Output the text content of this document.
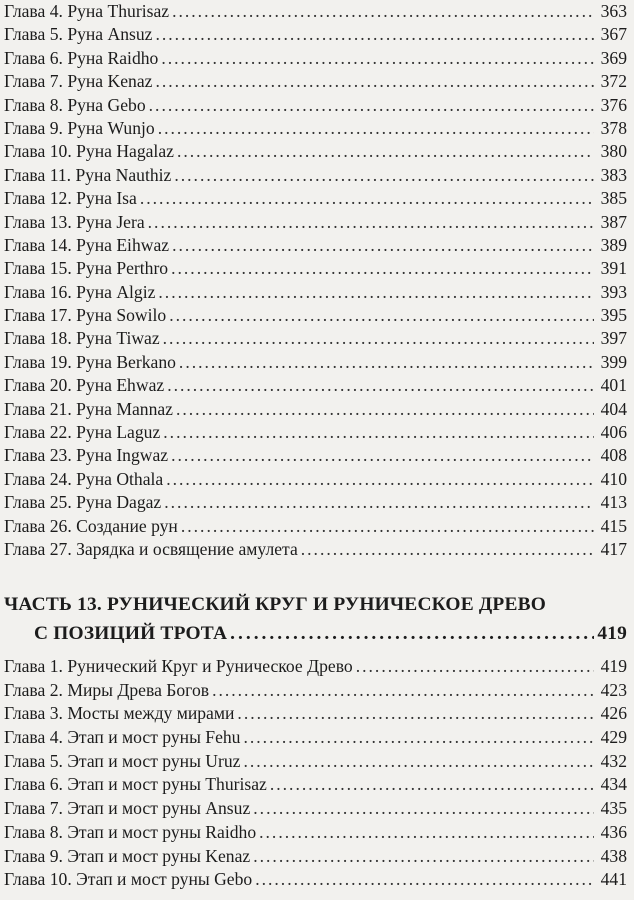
Глава 4. Руна Thurisaz .....	363
Глава 5. Руна Ansuz .....	367
Глава 6. Руна Raidho .....	369
Глава 7. Руна Kenaz .....	372
Глава 8. Руна Gebo .....	376
Глава 9. Руна Wunjo .....	378
Глава 10. Руна Hagalaz .....	380
Глава 11. Руна Nauthiz .....	383
Глава 12. Руна Isa .....	385
Глава 13. Руна Jera .....	387
Глава 14. Руна Eihwaz .....	389
Глава 15. Руна Perthro .....	391
Глава 16. Руна Algiz .....	393
Глава 17. Руна Sowilo .....	395
Глава 18. Руна Tiwaz .....	397
Глава 19. Руна Berkano .....	399
Глава 20. Руна Ehwaz .....	401
Глава 21. Руна Mannaz .....	404
Глава 22. Руна Laguz .....	406
Глава 23. Руна Ingwaz .....	408
Глава 24. Руна Othala .....	410
Глава 25. Руна Dagaz .....	413
Глава 26. Создание рун .....	415
Глава 27. Зарядка и освящение амулета .....	417
ЧАСТЬ 13. РУНИЧЕСКИЙ КРУГ И РУНИЧЕСКОЕ ДРЕВО
С ПОЗИЦИЙ ТРОТА .....	419
Глава 1. Рунический Круг и Руническое Древо .....	419
Глава 2. Миры Древа Богов .....	423
Глава 3. Мосты между мирами .....	426
Глава 4. Этап и мост руны Fehu .....	429
Глава 5. Этап и мост руны Uruz .....	432
Глава 6. Этап и мост руны Thurisaz .....	434
Глава 7. Этап и мост руны Ansuz .....	435
Глава 8. Этап и мост руны Raidho .....	436
Глава 9. Этап и мост руны Kenaz .....	438
Глава 10. Этап и мост руны Gebo .....	441
